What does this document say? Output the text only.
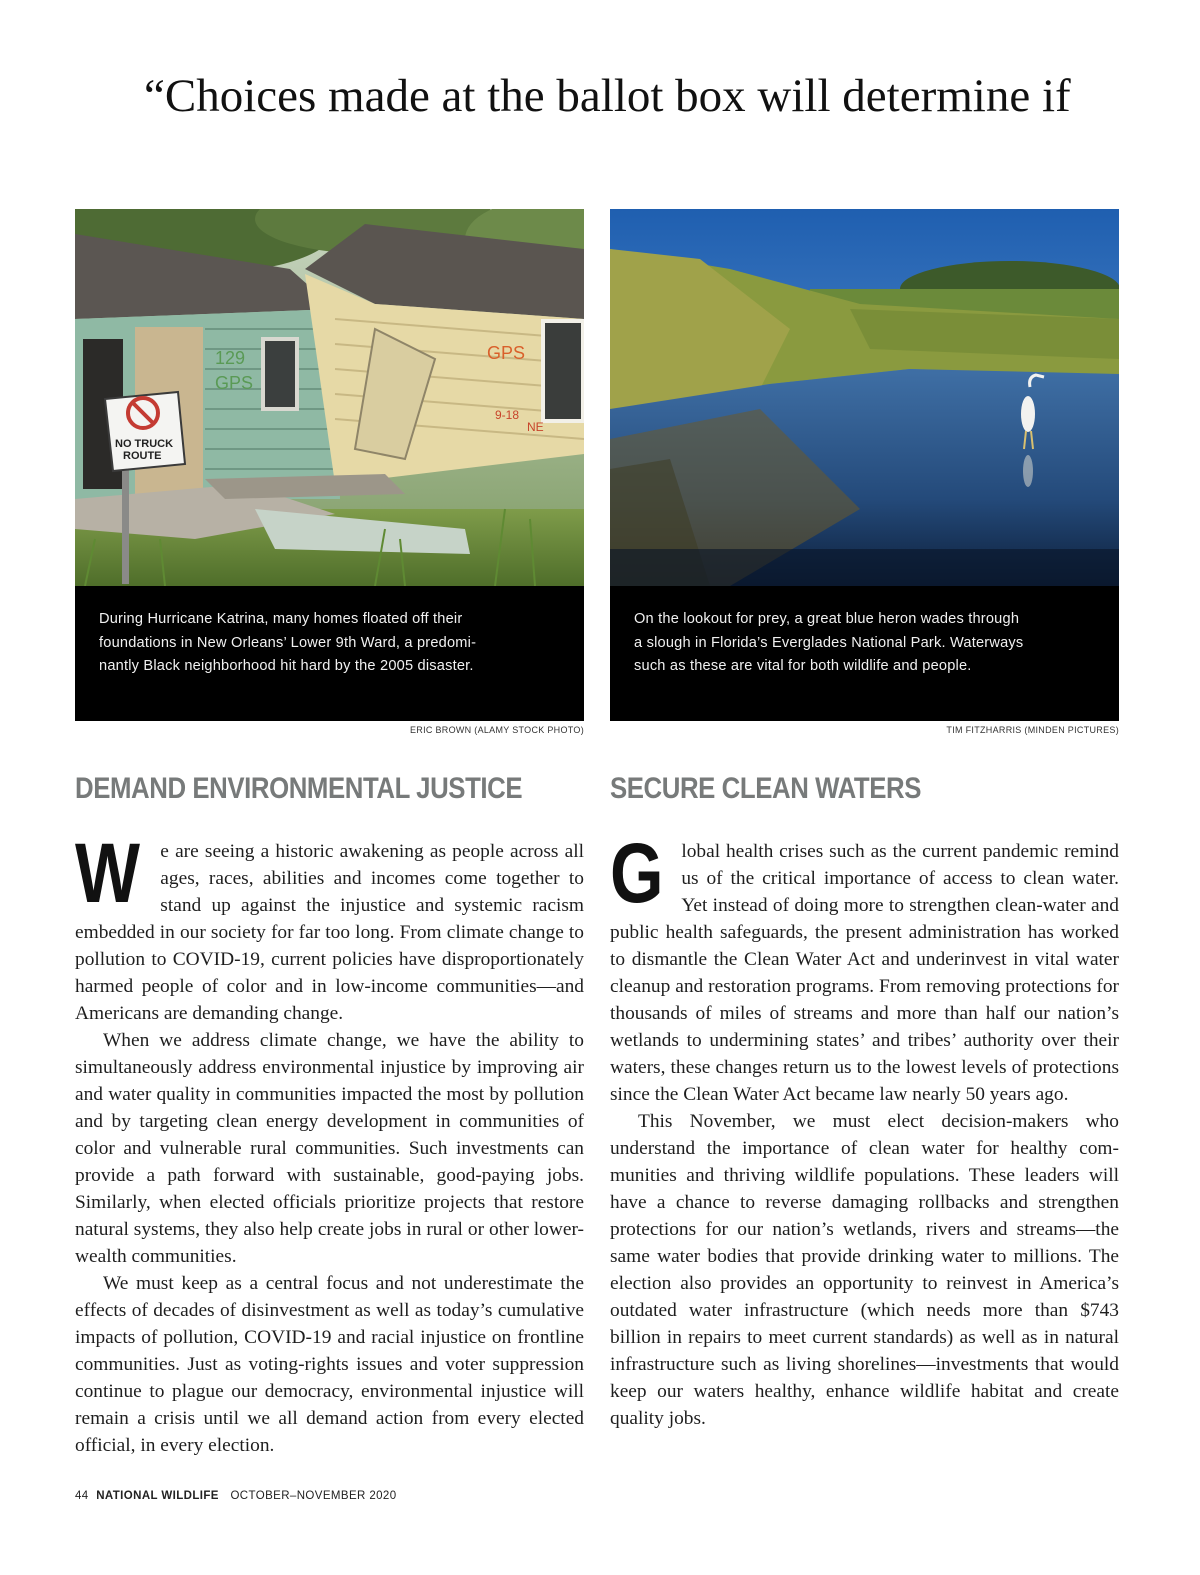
“Choices made at the ballot box will determine if
129
GPS
GPS
9-18
NE
NO TRUCK
ROUTE
During Hurricane Katrina, many homes floated off their
foundations in New Orleans’ Lower 9th Ward, a predomi-
nantly Black neighborhood hit hard by the 2005 disaster.
ERIC BROWN (ALAMY STOCK PHOTO)
On the lookout for prey, a great blue heron wades through
a slough in Florida’s Everglades National Park. Waterways
such as these are vital for both wildlife and people.
TIM FITZHARRIS (MINDEN PICTURES)
DEMAND ENVIRONMENTAL JUSTICE

W e are seeing a historic awakening as people across all ages, races, abilities and incomes come together to stand up against the injustice and systemic racism embedded in our society for far too long. From climate change to pollution to COVID-19, current policies have disproportionately harmed people of color and in low-income communities—and Americans are demanding change.

When we address climate change, we have the ability to simultaneously address environmental injustice by improving air and water quality in communities impacted the most by pollution and by targeting clean energy development in communities of color and vulnerable rural communities. Such investments can provide a path forward with sustainable, good-paying jobs. Similarly, when elected officials prioritize projects that restore natural systems, they also help create jobs in rural or other lower-wealth communities.

We must keep as a central focus and not underestimate the effects of decades of disinvestment as well as today’s cumulative impacts of pollution, COVID-19 and racial injustice on frontline communities. Just as voting-rights issues and voter suppression continue to plague our democracy, environmental injustice will remain a crisis until we all demand action from every elected official, in every election.

SECURE CLEAN WATERS

Global health crises such as the current pandemic remind us of the critical importance of access to clean water. Yet instead of doing more to strengthen clean-water and public health safeguards, the present administration has worked to dismantle the Clean Water Act and underinvest in vital water cleanup and restoration programs. From removing protections for thousands of miles of streams and more than half our nation’s wetlands to undermining states’ and tribes’ authority over their waters, these changes return us to the lowest levels of protections since the Clean Water Act became law nearly 50 years ago.

This November, we must elect decision-makers who understand the importance of clean water for healthy communities and thriving wildlife populations. These leaders will have a chance to reverse damaging rollbacks and strengthen protections for our nation’s wetlands, rivers and streams—the same water bodies that provide drinking water to millions. The election also provides an opportunity to reinvest in America’s outdated water infrastructure (which needs more than $743 billion in repairs to meet current standards) as well as in natural infrastructure such as living shorelines—investments that would keep our waters healthy, enhance wildlife habitat and create quality jobs.

44 NATIONAL WILDLIFE OCTOBER–NOVEMBER 2020
